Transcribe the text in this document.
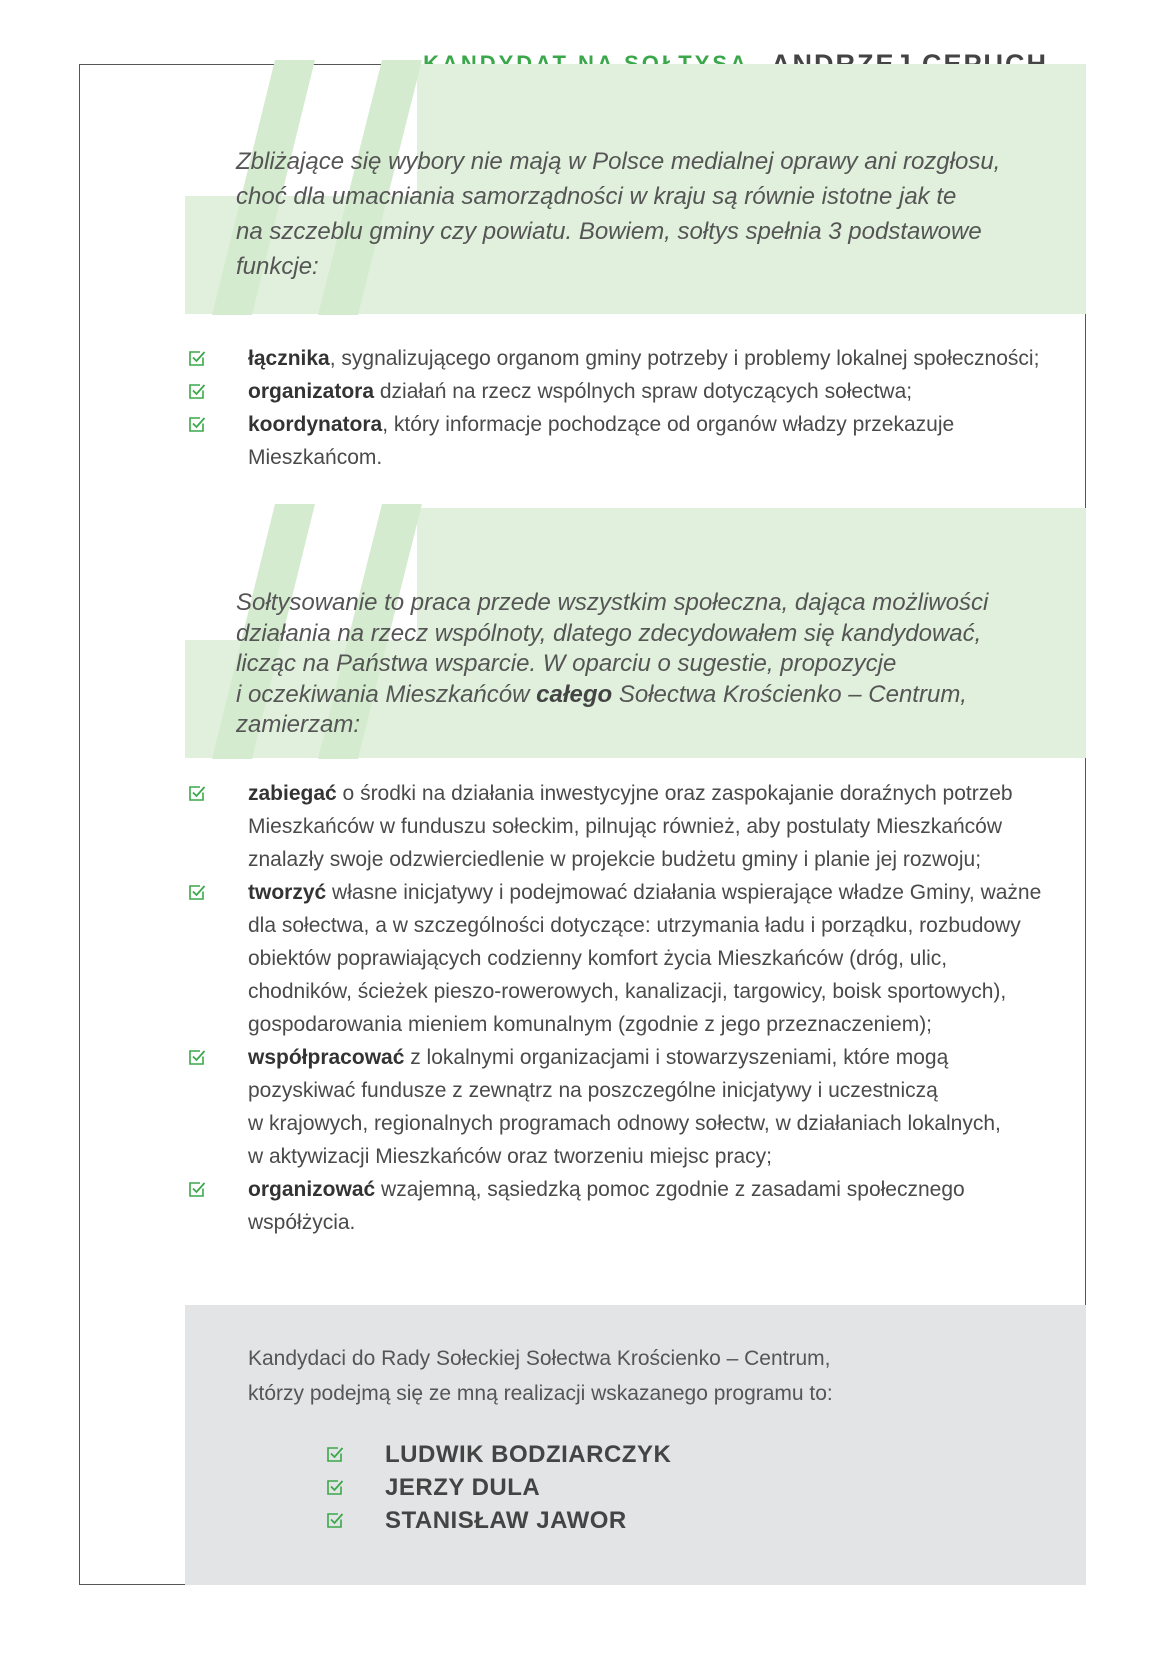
Zbliżające się wybory nie mają w Polsce medialnej oprawy ani rozgłosu,
choć dla umacniania samorządności w kraju są równie istotne jak te
na szczeblu gminy czy powiatu. Bowiem, sołtys spełnia 3 podstawowe
funkcje:

łącznika, sygnalizującego organom gminy potrzeby i problemy lokalnej społeczności;
organizatora działań na rzecz wspólnych spraw dotyczących sołectwa;
koordynatora, który informacje pochodzące od organów władzy przekazuje
Mieszkańcom.

Sołtysowanie to praca przede wszystkim społeczna, dająca możliwości
działania na rzecz wspólnoty, dlatego zdecydowałem się kandydować,
licząc na Państwa wsparcie. W oparciu o sugestie, propozycje
i oczekiwania Mieszkańców całego Sołectwa Krościenko – Centrum,
zamierzam:

zabiegać o środki na działania inwestycyjne oraz zaspokajanie doraźnych potrzeb
Mieszkańców w funduszu sołeckim, pilnując również, aby postulaty Mieszkańców
znalazły swoje odzwierciedlenie w projekcie budżetu gminy i planie jej rozwoju;
tworzyć własne inicjatywy i podejmować działania wspierające władze Gminy, ważne
dla sołectwa, a w szczególności dotyczące: utrzymania ładu i porządku, rozbudowy
obiektów poprawiających codzienny komfort życia Mieszkańców (dróg, ulic,
chodników, ścieżek pieszo-rowerowych, kanalizacji, targowicy, boisk sportowych),
gospodarowania mieniem komunalnym (zgodnie z jego przeznaczeniem);
współpracować z lokalnymi organizacjami i stowarzyszeniami, które mogą
pozyskiwać fundusze z zewnątrz na poszczególne inicjatywy i uczestniczą
w krajowych, regionalnych programach odnowy sołectw, w działaniach lokalnych,
w aktywizacji Mieszkańców oraz tworzeniu miejsc pracy;
organizować wzajemną, sąsiedzką pomoc zgodnie z zasadami społecznego
współżycia.

Kandydaci do Rady Sołeckiej Sołectwa Krościenko – Centrum,
którzy podejmą się ze mną realizacji wskazanego programu to:

LUDWIK BODZIARCZYK
JERZY DULA
STANISŁAW JAWOR
